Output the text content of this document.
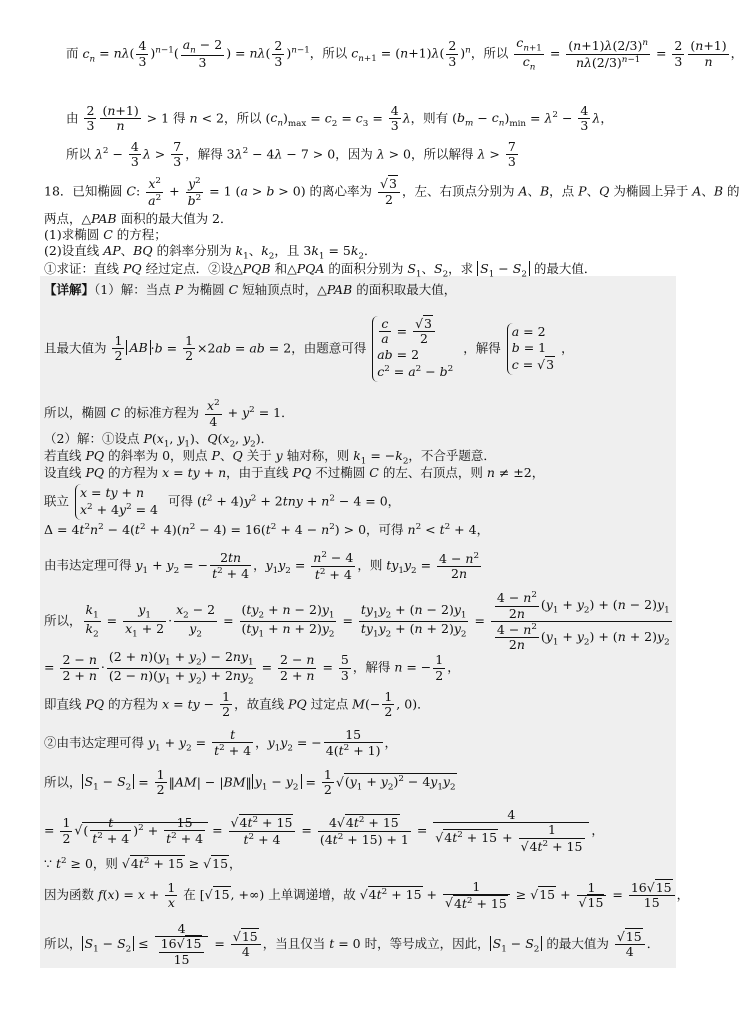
而 $c_n = n\lambda( \frac{4}{3} )^{n-1}( \frac{a_n - 2}{3}$ ) = $n\lambda( \frac{2}{3} )^{n-1}$，所以 $c_{n+1} = (n+1)\lambda( \frac{2}{3} )^n$，所以 $\frac{c_{n+1}}{c_n} = \frac{(n+1)\lambda(2/3)^n}{n\lambda(2/3)^{n-1}} = \frac{2}{3} \frac{(n+1)}{n}$ ，
由 $\frac{2}{3} \frac{(n+1)}{n} > 1$ 得 n < 2，所以 $(c_n)_{max} = c_2 = c_3 = \frac{4}{3}$ λ，则有 $(b_m - c_n)_{min} = \lambda^2 - \frac{4}{3}$ λ，
所以 $\lambda^2 - \frac{4}{3}$ $\lambda > \frac{7}{3}$ ，解得 $3\lambda^2 - 4\lambda - 7 > 0$，因为 λ > 0，所以解得 $\lambda > \frac{7}{3}$
18．已知椭圆 C: $\frac{x^2}{a^2} + \frac{y^2}{b^2} = 1$ (a > b > 0) 的离心率为 $\frac{√3}{2}$ ，左、右顶点分别为 A、B，点 P、Q 为椭圆上异于 A、B 的
两点，△PAB 面积的最大值为 2．
(1)求椭圆 C 的方程；
(2)设直线 AP、BQ 的斜率分别为 $k_1$、$k_2$，且 $3k_1 = 5k_2$．
①求证：直线 PQ 经过定点．②设△PQB 和△PQA 的面积分别为 $S_1$、$S_2$，求 $S_1 - S_2$ 的最大值．
【详解】（1）解：当点 P 为椭圆 C 短轴顶点时，△PAB 的面积取最大值，
且最大值为 $\frac{1}{2}$ AB $\cdot b = \frac{1}{2} \times 2ab$ = ab = 2，由题意可得
$\frac{c}{a} = \frac{√3}{2}$
ab = 2
$c^2 = a^2 - b^2$
，解得
a = 2
b = 1
c = √3
，
所以，椭圆 C 的标准方程为 $\frac{x^2}{4} + y^2 = 1$．
（2）解：①设点 $P(x_1$, $y_1$)、$Q(x_2$, $y_2$)．
若直线 PQ 的斜率为 0，则点 P、Q 关于 y 轴对称，则 $k_1 = -k_2$，不合乎题意．
设直线 PQ 的方程为 x = ty + n，由于直线 PQ 不过椭圆 C 的左、右顶点，则 n ≠ ±2，
联立
x = ty + n
$x^2 + 4y^2 = 4$
可得 $(t^2 + 4)y^2 + 2tny + n^2 - 4 = 0$，
$\Delta = 4t^2n^2 - 4(t^2 + 4)(n^2 - 4) = 16(t^2 + 4 - n^2) > 0$，可得 $n^2 < t^2 + 4$，
由韦达定理可得 $y_1 + y_2$ = − $\frac{2tn}{t^2 + 4}$ ，$y_1y_2 = \frac{n^2 - 4}{t^2 + 4}$ ，则 $ty_1y_2 = \frac{4 - n^2}{2n}$
所以， $\frac{k_1}{k_2} = \frac{y_1}{x_1 + 2} \cdot \frac{x_2 - 2}{y_2} = \frac{(ty_2 + n - 2)y_1}{(ty_1 + n + 2)y_2} = \frac{ty_1y_2 + (n - 2)y_1}{ty_1y_2 + (n + 2)y_2} = \frac{\frac{4 - n^2}{2n} (y_1 + y_2) + (n - 2)y_1}{\frac{4 - n^2}{2n} (y_1 + y_2) + (n + 2)y_2}$
= $\frac{2 - n}{2 + n} \cdot \frac{(2 + n)(y_1 + y_2) - 2ny_1}{(2 - n)(y_1 + y_2) + 2ny_2} = \frac{2 - n}{2 + n} = \frac{5}{3}$ ，解得 n = − $\frac{1}{2}$ ，
即直线 PQ 的方程为 x = ty − $\frac{1}{2}$ ，故直线 PQ 过定点 $M(- \frac{1}{2}$ , 0)．
②由韦达定理可得 $y_1 + y_2 = \frac{t}{t^2 + 4}$ ，$y_1y_2$ = − $\frac{15}{4(t^2 + 1)}$ ，
所以， $S_1 - S_2 = \frac{1}{2}$ ‖AM| − |BM‖ $y_1 - y_2 = \frac{1}{2} √(y_1 + y_2)^2 - 4y_1y_2$
= $\frac{1}{2}$ √( $\frac{t}{t^2 + 4} )^2 + \frac{15}{t^2 + 4} = \frac{√4t^2 + 15}{t^2 + 4} = \frac{4√4t^2 + 15}{(4t^2 + 15) + 1} = \frac{4}{√4t^2 + 15 + \frac{1}{√4t^2 + 15}}$ ，
∵ $t^2 \ge 0$，则 $√4t^2 + 15 \ge √15$，
因为函数 $f(x) = x + \frac{1}{x}$ 在 [√15, +∞) 上单调递增，故 $√4t^2 + 15 + \frac{1}{√4t^2 + 15} \ge √15 + \frac{1}{√15} = \frac{16√15}{15}$ ，
所以， $S_1 - S_2 \le \frac{4}{\frac{16√15}{15}} = \frac{√15}{4}$ ，当且仅当 t = 0 时，等号成立，因此， $S_1 - S_2$ 的最大值为 $\frac{√15}{4}$ ．
